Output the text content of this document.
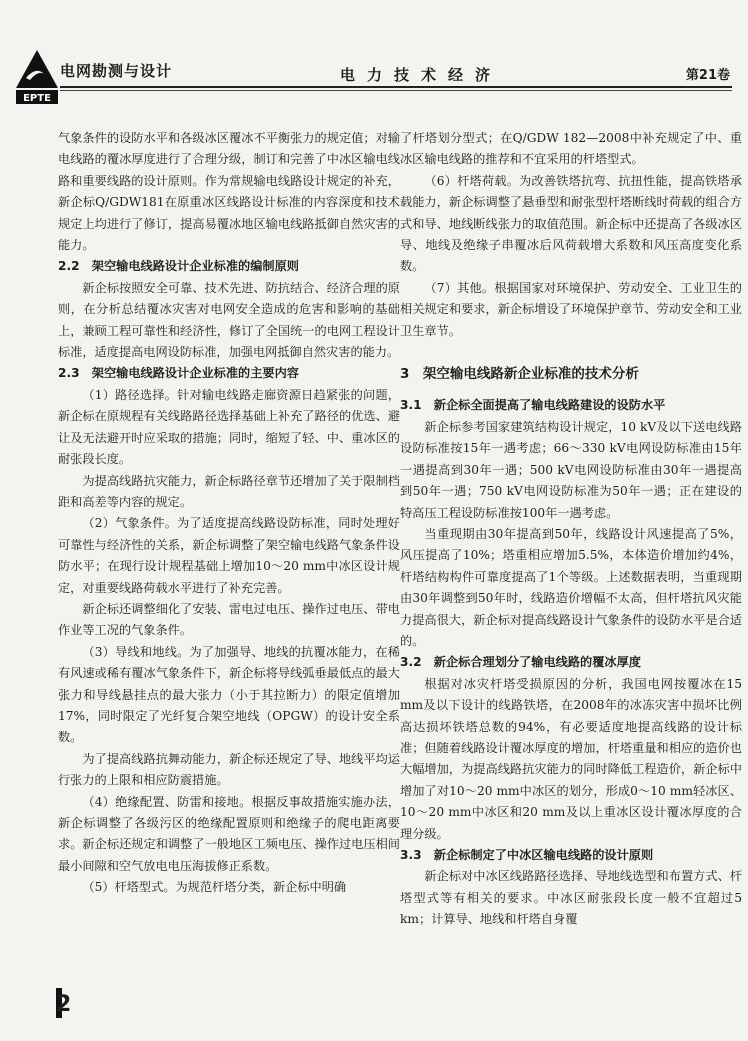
EPTE
电网勘测与设计	电力技术经济	第21卷

气象条件的设防水平和各级冰区覆冰不平衡张力的规定值；对输电线路的覆冰厚度进行了合理分级，制订和完善了中冰区输电线路和重要线路的设计原则。作为常规输电线路设计规定的补充，新企标Q/GDW181在原重冰区线路设计标准的内容深度和技术规定上均进行了修订，提高易覆冰地区输电线路抵御自然灾害的能力。

2.2　架空输电线路设计企业标准的编制原则

新企标按照安全可靠、技术先进、防抗结合、经济合理的原则，在分析总结覆冰灾害对电网安全造成的危害和影响的基础上，兼顾工程可靠性和经济性，修订了全国统一的电网工程设计标准，适度提高电网设防标准，加强电网抵御自然灾害的能力。

2.3　架空输电线路设计企业标准的主要内容

（1）路径选择。针对输电线路走廊资源日趋紧张的问题，新企标在原规程有关线路路径选择基础上补充了路径的优选、避让及无法避开时应采取的措施；同时，缩短了轻、中、重冰区的耐张段长度。

为提高线路抗灾能力，新企标路径章节还增加了关于限制档距和高差等内容的规定。

（2）气象条件。为了适度提高线路设防标准，同时处理好可靠性与经济性的关系，新企标调整了架空输电线路气象条件设防水平；在现行设计规程基础上增加10～20 mm中冰区设计规定，对重要线路荷载水平进行了补充完善。

新企标还调整细化了安装、雷电过电压、操作过电压、带电作业等工况的气象条件。

（3）导线和地线。为了加强导、地线的抗覆冰能力，在稀有风速或稀有覆冰气象条件下，新企标将导线弧垂最低点的最大张力和导线悬挂点的最大张力（小于其拉断力）的限定值增加17%，同时限定了光纤复合架空地线（OPGW）的设计安全系数。

为了提高线路抗舞动能力，新企标还规定了导、地线平均运行张力的上限和相应防震措施。

（4）绝缘配置、防雷和接地。根据反事故措施实施办法，新企标调整了各级污区的绝缘配置原则和绝缘子的爬电距离要求。新企标还规定和调整了一般地区工频电压、操作过电压相间最小间隙和空气放电电压海拔修正系数。

（5）杆塔型式。为规范杆塔分类，新企标中明确

了杆塔划分型式；在Q/GDW 182—2008中补充规定了中、重冰区输电线路的推荐和不宜采用的杆塔型式。

（6）杆塔荷载。为改善铁塔抗弯、抗扭性能，提高铁塔承载能力，新企标调整了悬垂型和耐张型杆塔断线时荷载的组合方式和导、地线断线张力的取值范围。新企标中还提高了各级冰区导、地线及绝缘子串覆冰后风荷载增大系数和风压高度变化系数。

（7）其他。根据国家对环境保护、劳动安全、工业卫生的相关规定和要求，新企标增设了环境保护章节、劳动安全和工业卫生章节。

3　架空输电线路新企业标准的技术分析
3.1　新企标全面提高了输电线路建设的设防水平

新企标参考国家建筑结构设计规定，10 kV及以下送电线路设防标准按15年一遇考虑；66～330 kV电网设防标准由15年一遇提高到30年一遇；500 kV电网设防标准由30年一遇提高到50年一遇；750 kV电网设防标准为50年一遇；正在建设的特高压工程设防标准按100年一遇考虑。

当重现期由30年提高到50年，线路设计风速提高了5%，风压提高了10%；塔重相应增加5.5%，本体造价增加约4%，杆塔结构构件可靠度提高了1个等级。上述数据表明，当重现期由30年调整到50年时，线路造价增幅不太高，但杆塔抗风灾能力提高很大，新企标对提高线路设计气象条件的设防水平是合适的。

3.2　新企标合理划分了输电线路的覆冰厚度

根据对冰灾杆塔受损原因的分析，我国电网按覆冰在15 mm及以下设计的线路铁塔，在2008年的冰冻灾害中损坏比例高达损坏铁塔总数的94%，有必要适度地提高线路的设计标准；但随着线路设计覆冰厚度的增加，杆塔重量和相应的造价也大幅增加，为提高线路抗灾能力的同时降低工程造价，新企标中增加了对10～20 mm中冰区的划分，形成0～10 mm轻冰区、10～20 mm中冰区和20 mm及以上重冰区设计覆冰厚度的合理分级。

3.3　新企标制定了中冰区输电线路的设计原则

新企标对中冰区线路路径选择、导地线选型和布置方式、杆塔型式等有相关的要求。中冰区耐张段长度一般不宜超过5 km；计算导、地线和杆塔自身覆

2
